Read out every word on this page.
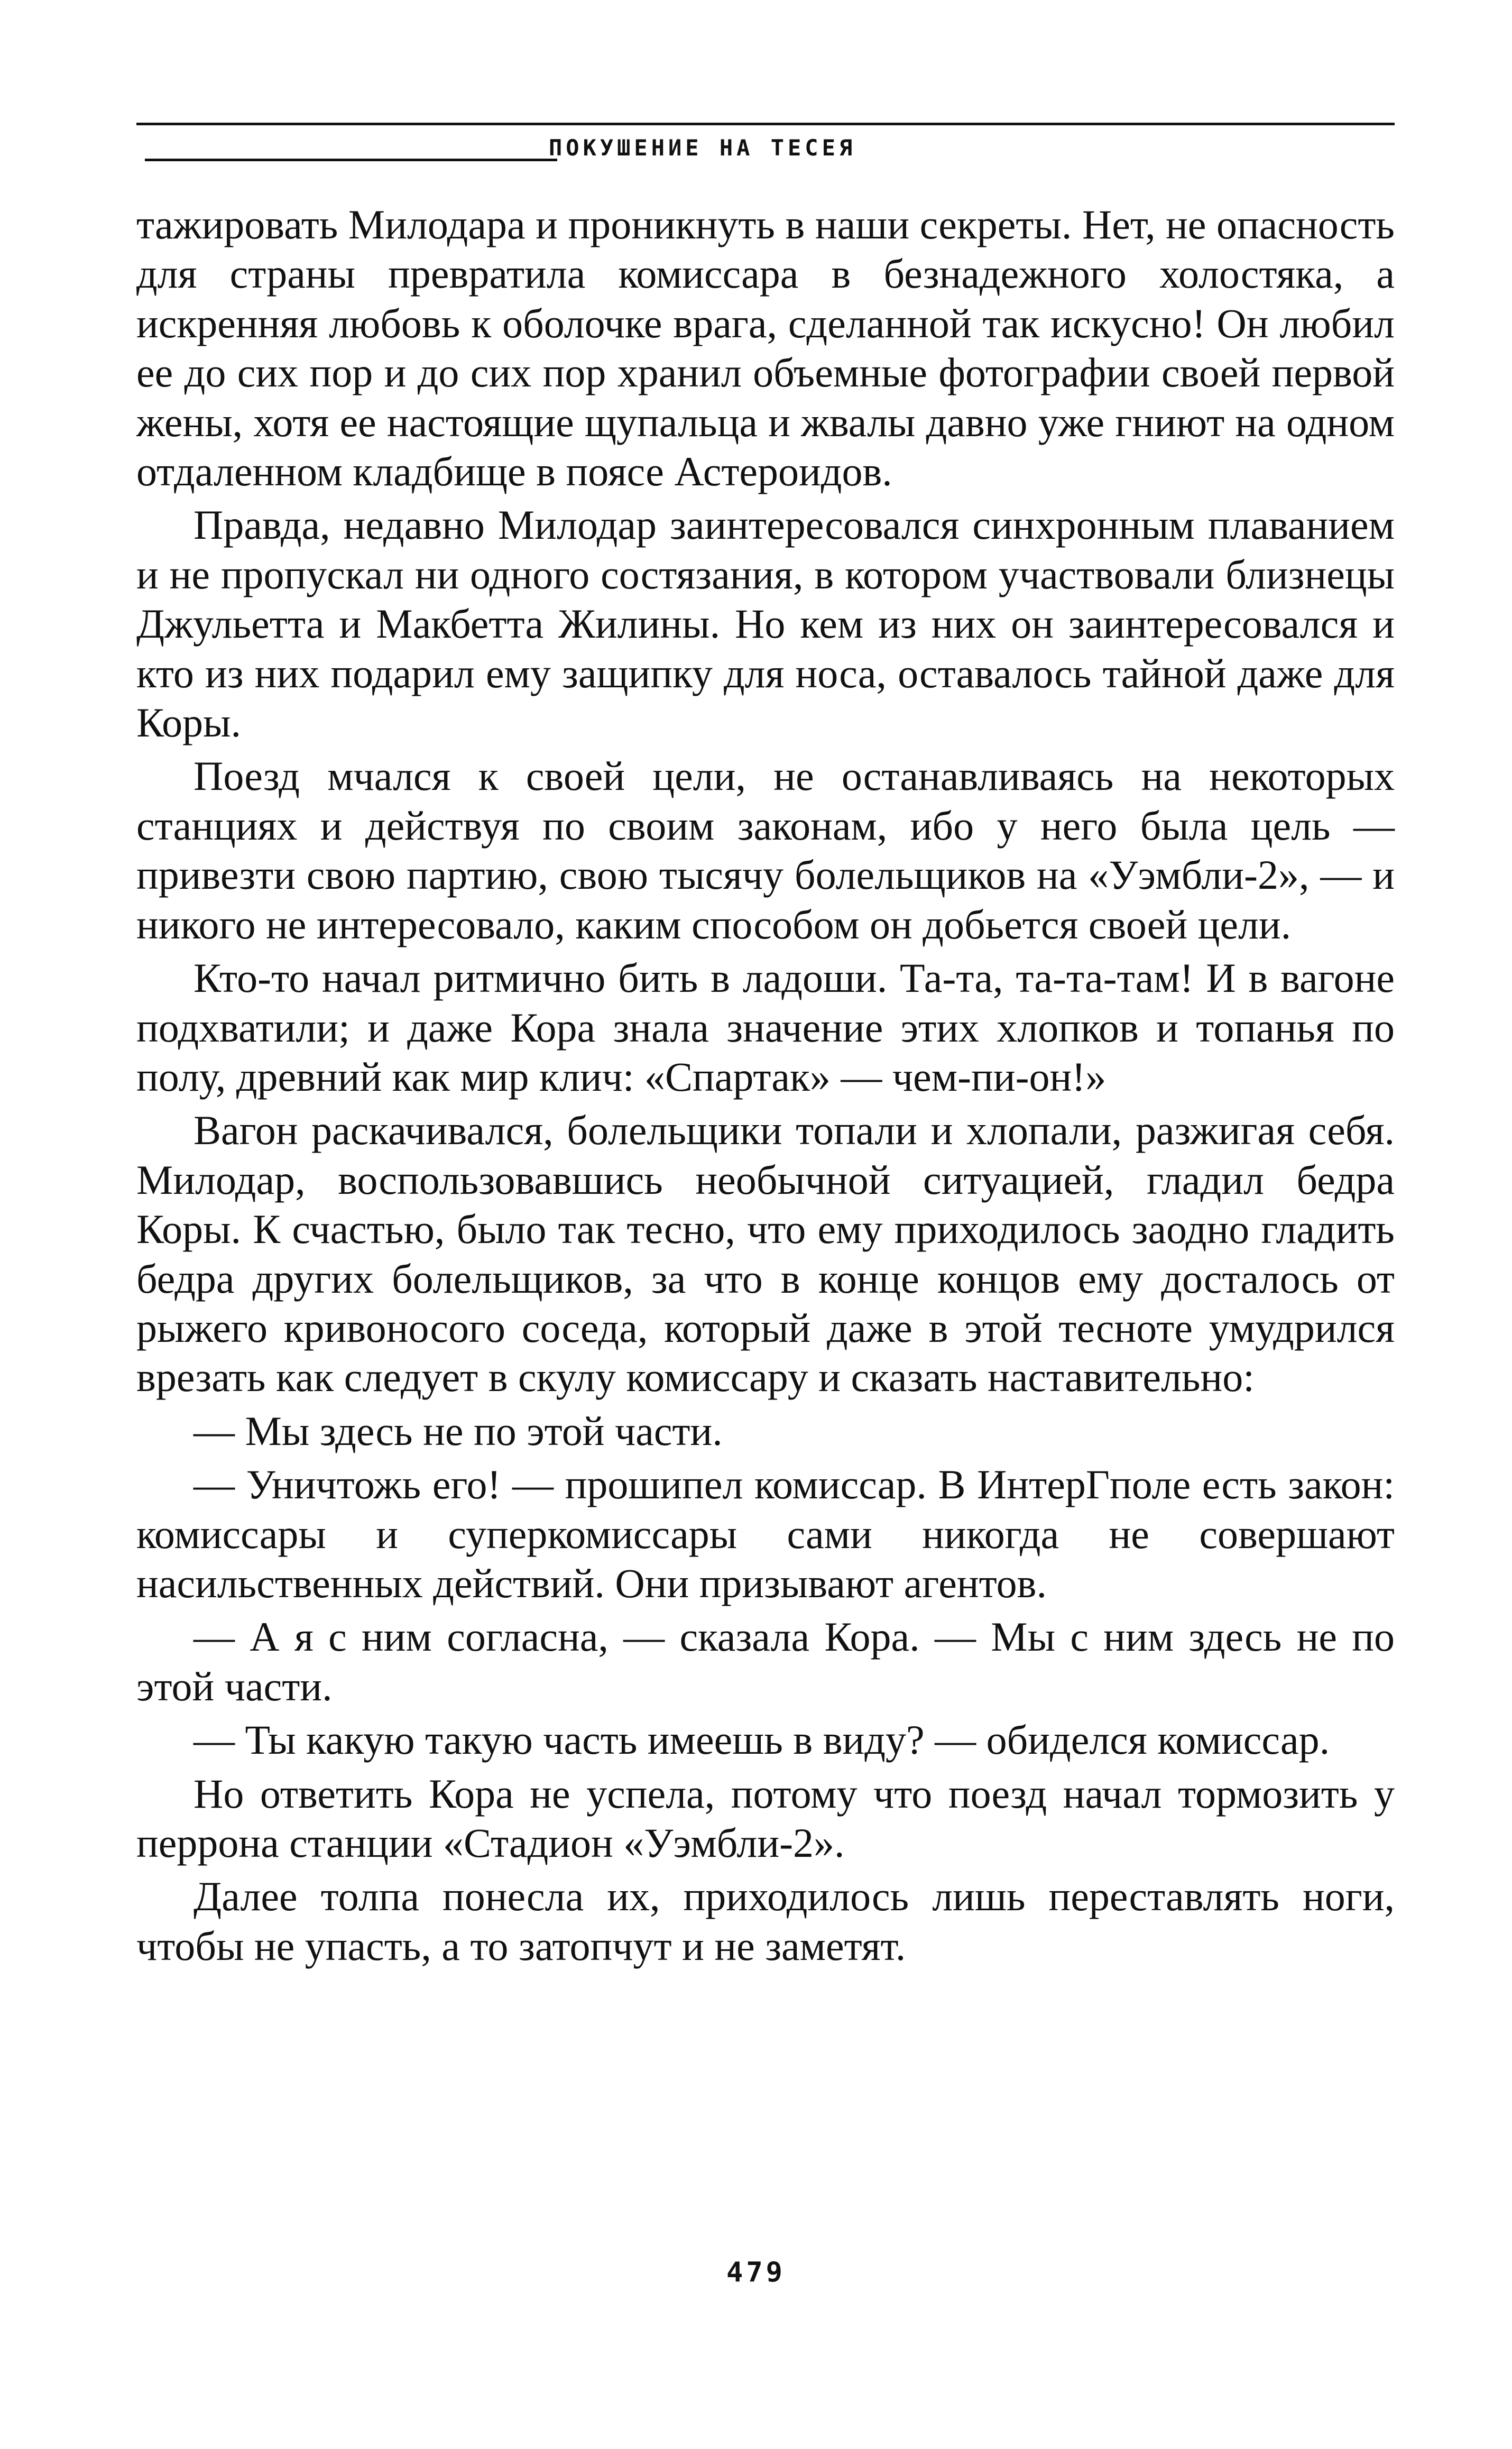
ПОКУШЕНИЕ НА ТЕСЕЯ

тажировать Милодара и проникнуть в наши секреты. Нет, не опасность для страны превратила комиссара в безнадежного холостяка, а искренняя любовь к оболочке врага, сделанной так искусно! Он любил ее до сих пор и до сих пор хранил объемные фотографии своей первой жены, хотя ее настоящие щупальца и жвалы давно уже гниют на одном отдаленном кладбище в поясе Астероидов.

Правда, недавно Милодар заинтересовался синхронным плаванием и не пропускал ни одного состязания, в котором участвовали близнецы Джульетта и Макбетта Жилины. Но кем из них он заинтересовался и кто из них подарил ему защипку для носа, оставалось тайной даже для Коры.

Поезд мчался к своей цели, не останавливаясь на некоторых станциях и действуя по своим законам, ибо у него была цель — привезти свою партию, свою тысячу болельщиков на «Уэмбли-2», — и никого не интересовало, каким способом он добьется своей цели.

Кто-то начал ритмично бить в ладоши. Та-та, та-та-там! И в вагоне подхватили; и даже Кора знала значение этих хлопков и топанья по полу, древний как мир клич: «Спартак» — чем-пи-он!»

Вагон раскачивался, болельщики топали и хлопали, разжигая себя. Милодар, воспользовавшись необычной ситуацией, гладил бедра Коры. К счастью, было так тесно, что ему приходилось заодно гладить бедра других болельщиков, за что в конце концов ему досталось от рыжего кривоносого соседа, который даже в этой тесноте умудрился врезать как следует в скулу комиссару и сказать наставительно:

— Мы здесь не по этой части.

— Уничтожь его! — прошипел комиссар. В ИнтерГполе есть закон: комиссары и суперкомиссары сами никогда не совершают насильственных действий. Они призывают агентов.

— А я с ним согласна, — сказала Кора. — Мы с ним здесь не по этой части.

— Ты какую такую часть имеешь в виду? — обиделся комиссар.

Но ответить Кора не успела, потому что поезд начал тормозить у перрона станции «Стадион «Уэмбли-2».

Далее толпа понесла их, приходилось лишь переставлять ноги, чтобы не упасть, а то затопчут и не заметят.

479
